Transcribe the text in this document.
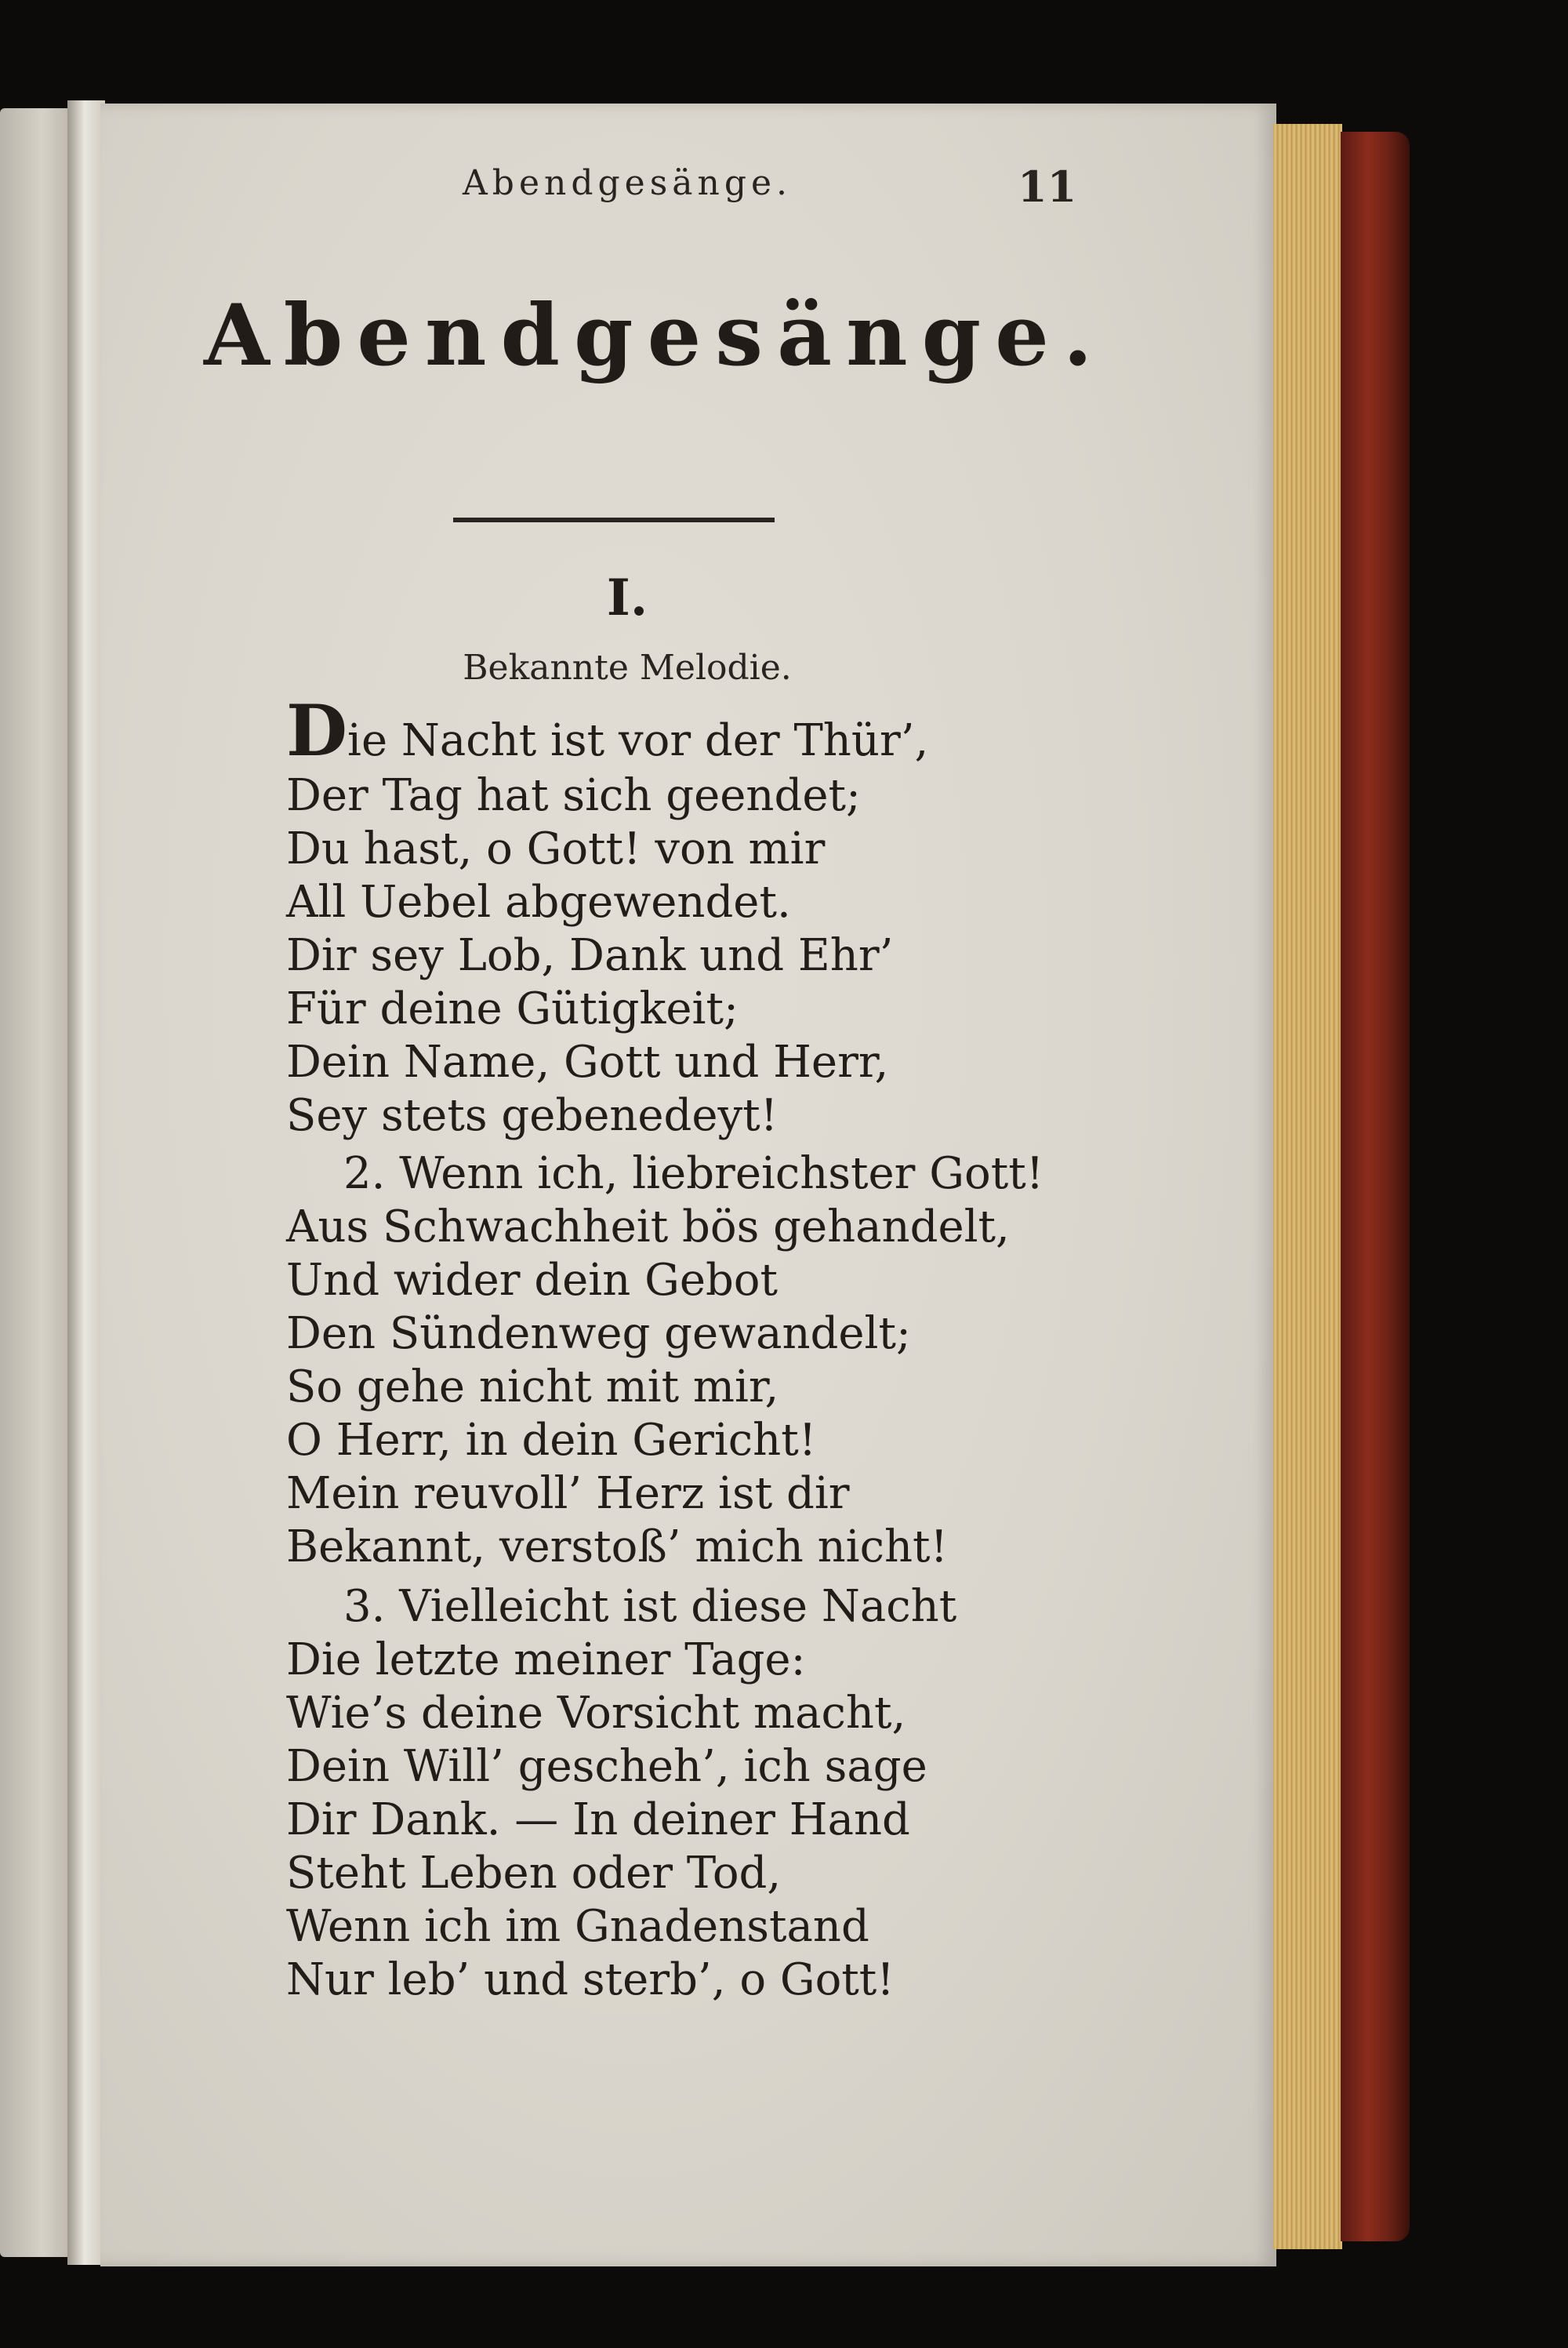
Abendgesänge.	11
Abendgesänge.
I.
Bekannte Melodie.
Die Nacht ist vor der Thür’,
Der Tag hat sich geendet;
Du hast, o Gott! von mir
All Uebel abgewendet.
Dir sey Lob, Dank und Ehr’
Für deine Gütigkeit;
Dein Name, Gott und Herr,
Sey stets gebenedeyt!
2. Wenn ich, liebreichster Gott!
Aus Schwachheit bös gehandelt,
Und wider dein Gebot
Den Sündenweg gewandelt;
So gehe nicht mit mir,
O Herr, in dein Gericht!
Mein reuvoll’ Herz ist dir
Bekannt, verstoß’ mich nicht!
3. Vielleicht ist diese Nacht
Die letzte meiner Tage:
Wie’s deine Vorsicht macht,
Dein Will’ gescheh’, ich sage
Dir Dank. — In deiner Hand
Steht Leben oder Tod,
Wenn ich im Gnadenstand
Nur leb’ und sterb’, o Gott!
